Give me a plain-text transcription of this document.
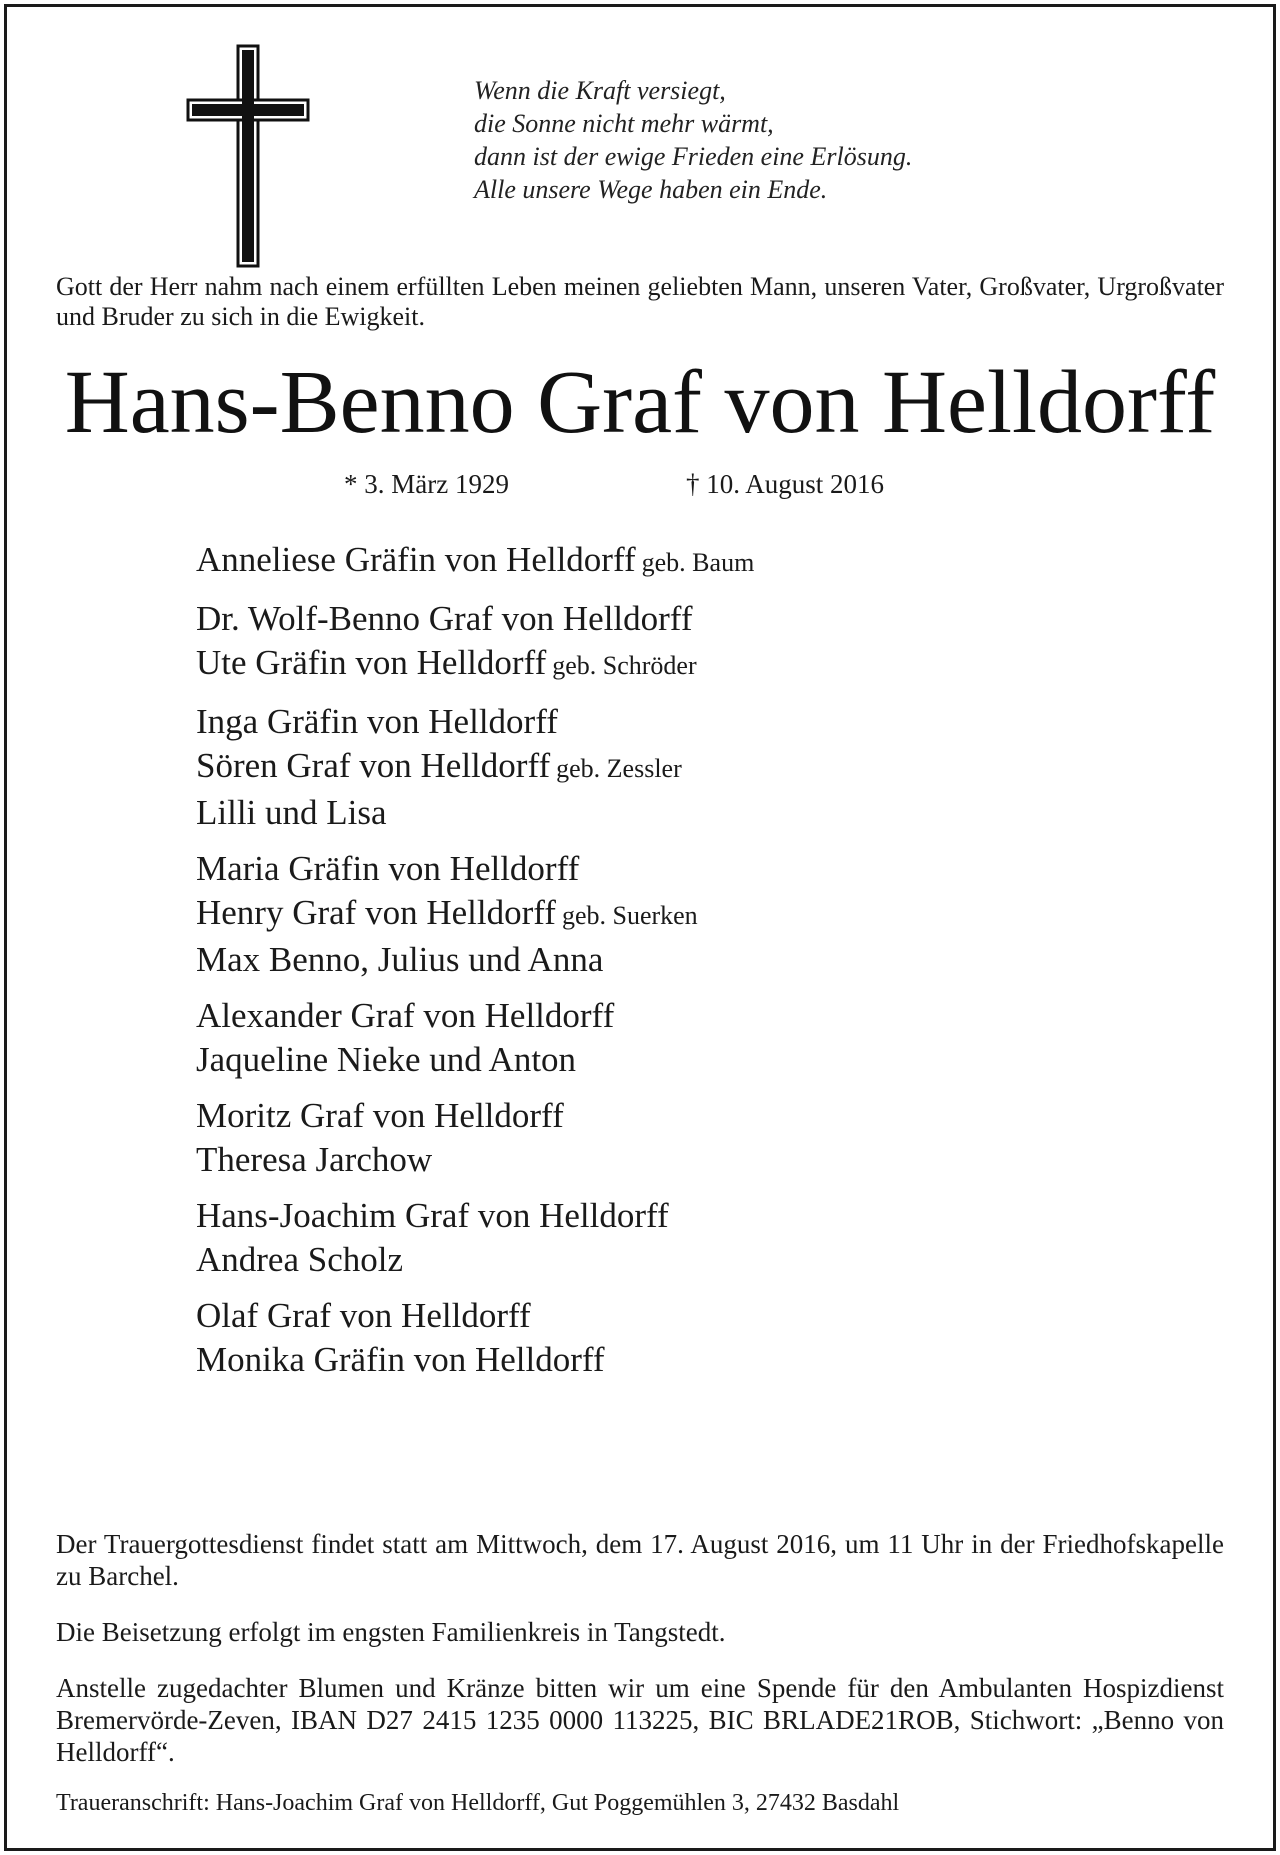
Wenn die Kraft versiegt,
die Sonne nicht mehr wärmt,
dann ist der ewige Frieden eine Erlösung.
Alle unsere Wege haben ein Ende.
Gott der Herr nahm nach einem erfüllten Leben meinen geliebten Mann, unseren Vater, Großvater, Urgroßvater und Bruder zu sich in die Ewigkeit.
Hans-Benno Graf von Helldorff
* 3. März 1929	† 10. August 2016
Anneliese Gräfin von Helldorff geb. Baum
Dr. Wolf-Benno Graf von Helldorff
Ute Gräfin von Helldorff geb. Schröder
Inga Gräfin von Helldorff
Sören Graf von Helldorff geb. Zessler
Lilli und Lisa
Maria Gräfin von Helldorff
Henry Graf von Helldorff geb. Suerken
Max Benno, Julius und Anna
Alexander Graf von Helldorff
Jaqueline Nieke und Anton
Moritz Graf von Helldorff
Theresa Jarchow
Hans-Joachim Graf von Helldorff
Andrea Scholz
Olaf Graf von Helldorff
Monika Gräfin von Helldorff
Der Trauergottesdienst findet statt am Mittwoch, dem 17. August 2016, um 11 Uhr in der Friedhofskapelle zu Barchel.
Die Beisetzung erfolgt im engsten Familienkreis in Tangstedt.
Anstelle zugedachter Blumen und Kränze bitten wir um eine Spende für den Ambulanten Hospizdienst Bremervörde-Zeven, IBAN D27 2415 1235 0000 113225, BIC BRLADE21ROB, Stichwort: „Benno von Helldorff“.
Traueranschrift: Hans-Joachim Graf von Helldorff, Gut Poggemühlen 3, 27432 Basdahl
